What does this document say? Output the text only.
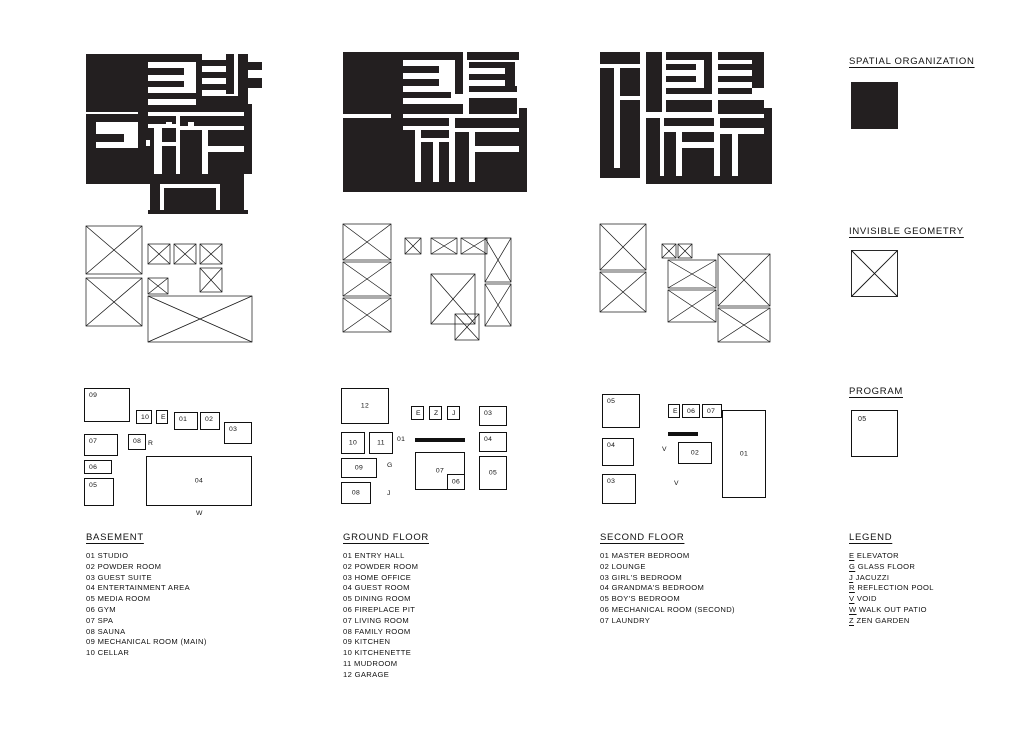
09
10 E 01	02
03
07	08
06
05
04
R
W
BASEMENT
01 STUDIO
02 POWDER ROOM
03 GUEST SUITE
04 ENTERTAINMENT AREA
05 MEDIA ROOM
06 GYM
07 SPA
08 SAUNA
09 MECHANICAL ROOM (MAIN)
10 CELLAR
12
E Z J	03
10	11	04
09	07
06
05
08
01
G
J
GROUND FLOOR
01 ENTRY HALL
02 POWDER ROOM
03 HOME OFFICE
04 GUEST ROOM
05 DINING ROOM
06 FIREPLACE PIT
07 LIVING ROOM
08 FAMILY ROOM
09 KITCHEN
10 KITCHENETTE
11 MUDROOM
12 GARAGE
05
E 06 07
04
02	01
03
V
V
SECOND FLOOR
01 MASTER BEDROOM
02 LOUNGE
03 GIRL'S BEDROOM
04 GRANDMA'S BEDROOM
05 BOY'S BEDROOM
06 MECHANICAL ROOM (SECOND)
07 LAUNDRY
SPATIAL ORGANIZATION
INVISIBLE GEOMETRY
PROGRAM
05
LEGEND
E ELEVATOR
G GLASS FLOOR
J JACUZZI
R REFLECTION POOL
V VOID
W WALK OUT PATIO
Z ZEN GARDEN
